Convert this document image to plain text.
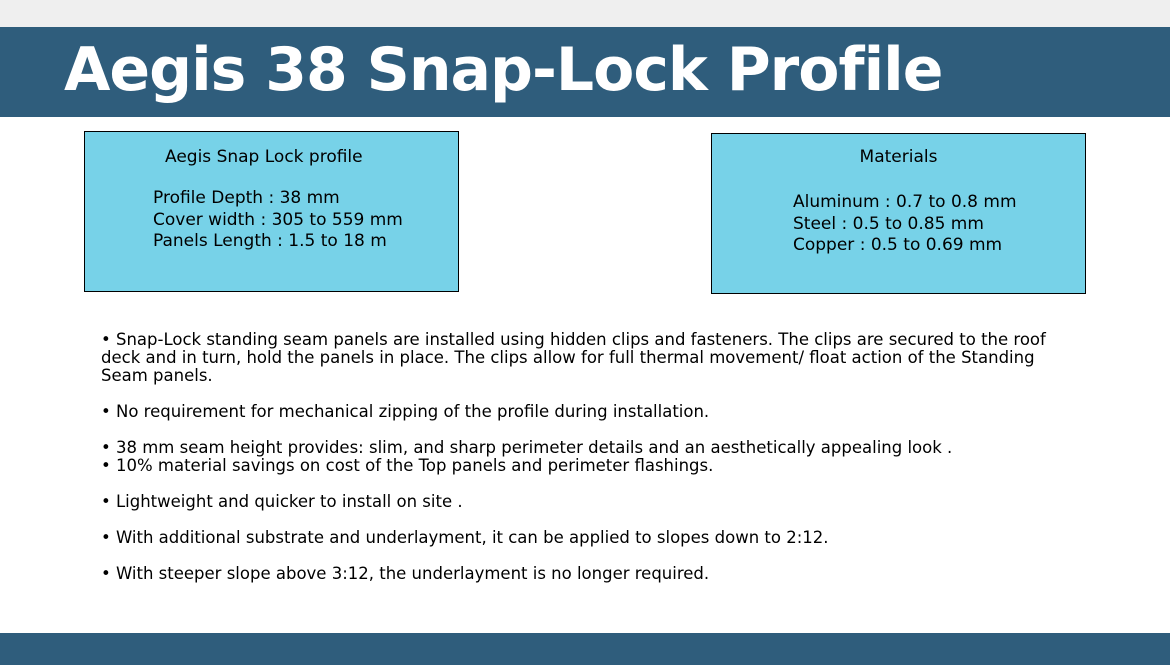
Aegis 38 Snap-Lock Profile
Aegis Snap Lock profile
Profile Depth : 38 mm
Cover width : 305 to 559 mm
Panels Length : 1.5 to 18 m
Materials
Aluminum : 0.7 to 0.8 mm
Steel : 0.5 to 0.85 mm
Copper : 0.5 to 0.69 mm
• Snap-Lock standing seam panels are installed using hidden clips and fasteners. The clips are secured to the roof deck and in turn, hold the panels in place. The clips allow for full thermal movement/ float action of the Standing Seam panels.
• No requirement for mechanical zipping of the profile during installation.
• 38 mm seam height provides: slim, and sharp perimeter details and an aesthetically appealing look .
• 10% material savings on cost of the Top panels and perimeter flashings.
• Lightweight and quicker to install on site .
• With additional substrate and underlayment, it can be applied to slopes down to 2:12.
• With steeper slope above 3:12, the underlayment is no longer required.
